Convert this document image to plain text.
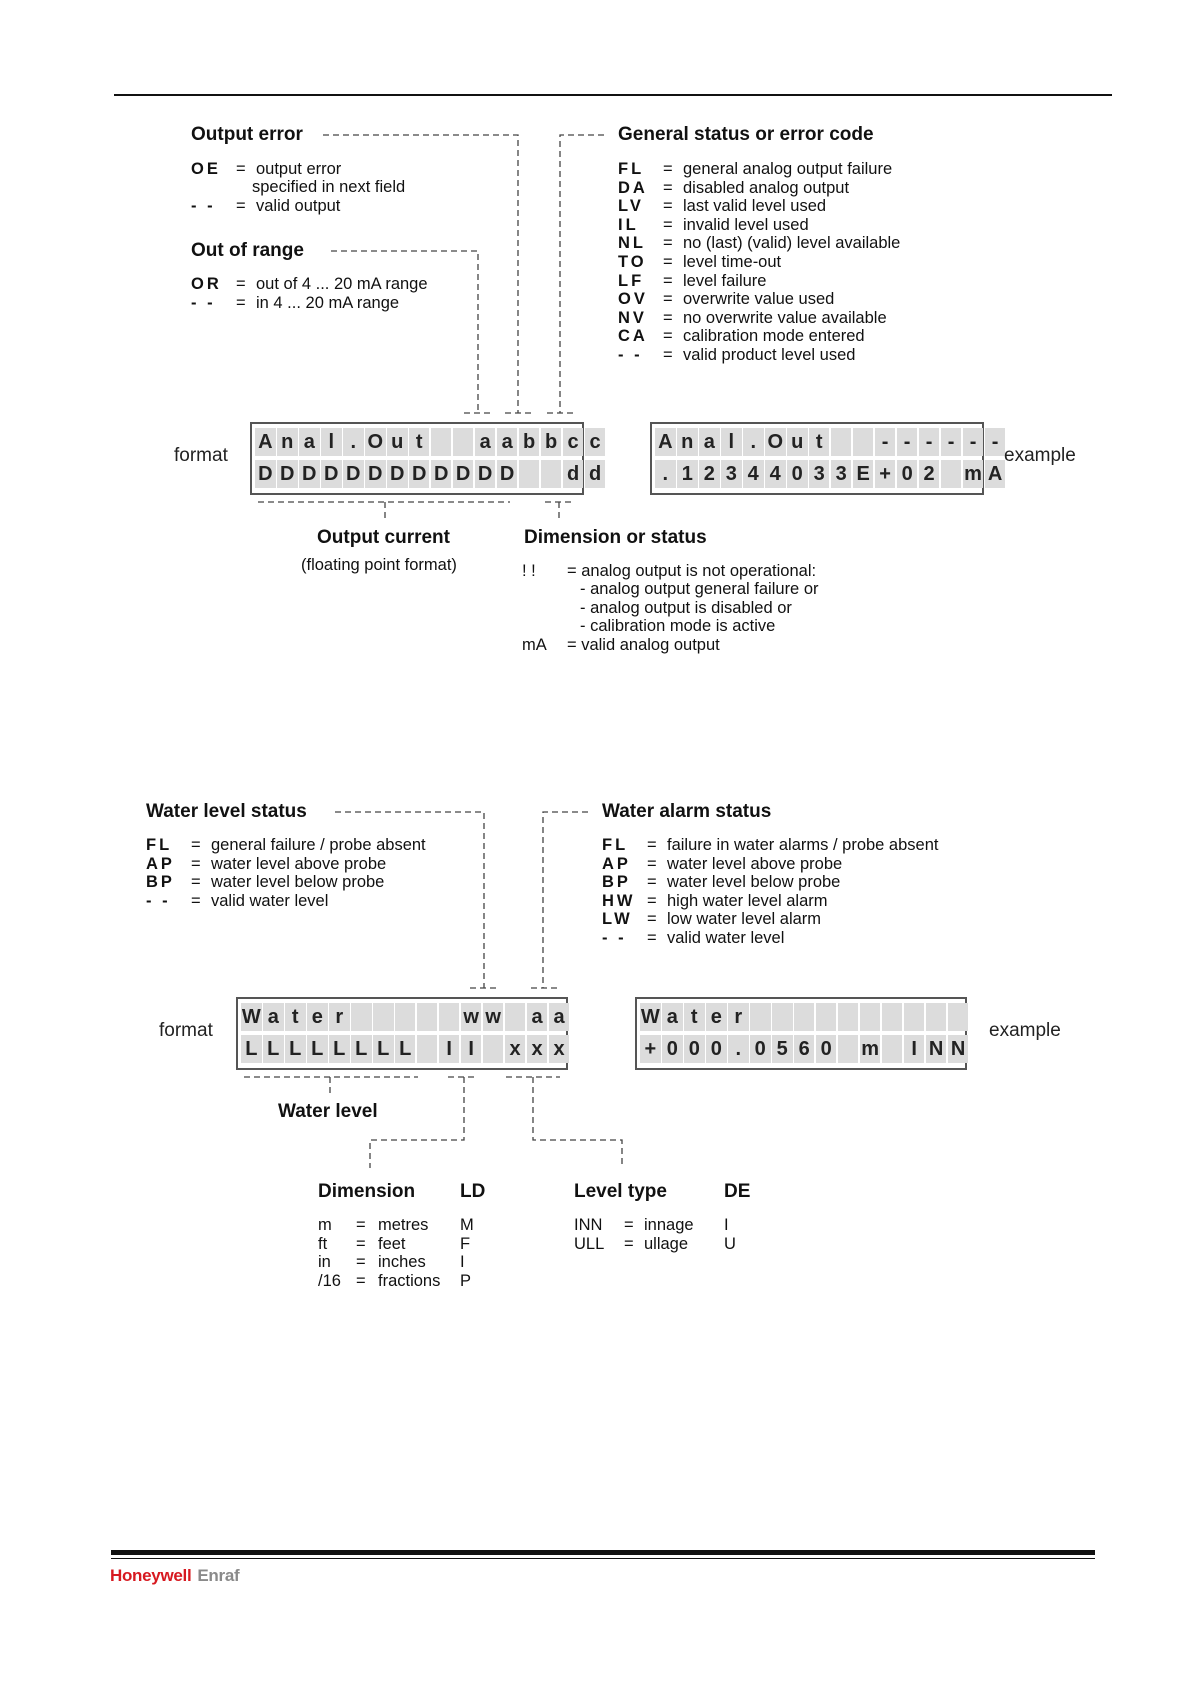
Output error
OE = output error
specified in next field
- - = valid output
Out of range
OR = out of 4 ... 20 mA range
- - = in 4 ... 20 mA range
General status or error code
FL = general analog output failure
DA = disabled analog output
LV = last valid level used
IL = invalid level used
NL = no (last) (valid) level available
TO = level time-out
LF = level failure
OV = overwrite value used
NV = no overwrite value available
CA = calibration mode entered
- - = valid product level used
format
A n a l . O u t	a a b b c c
D D D D D D D D D D D D	d d
A n a l . O u t	- - - - - -
. 1 2 3 4 4 0 3 3 E + 0 2 m A
example
Output current
(floating point format)
Dimension or status
! ! = analog output is not operational:
- analog output general failure or
- analog output is disabled or
- calibration mode is active
mA = valid analog output
Water level status
FL = general failure / probe absent
AP = water level above probe
BP = water level below probe
- - = valid water level
Water alarm status
FL = failure in water alarms / probe absent
AP = water level above probe
BP = water level below probe
HW = high water level alarm
LW = low water level alarm
- - = valid water level
format
W a t e r	w w a a
L L L L L L L L	I I	x x x
W a t e r
+ 0 0 0 . 0 5 6 0 m	I N N
example
Water level
Dimension LD
m = metres M
ft = feet	F
in = inches I
/16 = fractions P
Level type	DE
INN = innage I
ULL = ullage U
Honeywell Enraf
